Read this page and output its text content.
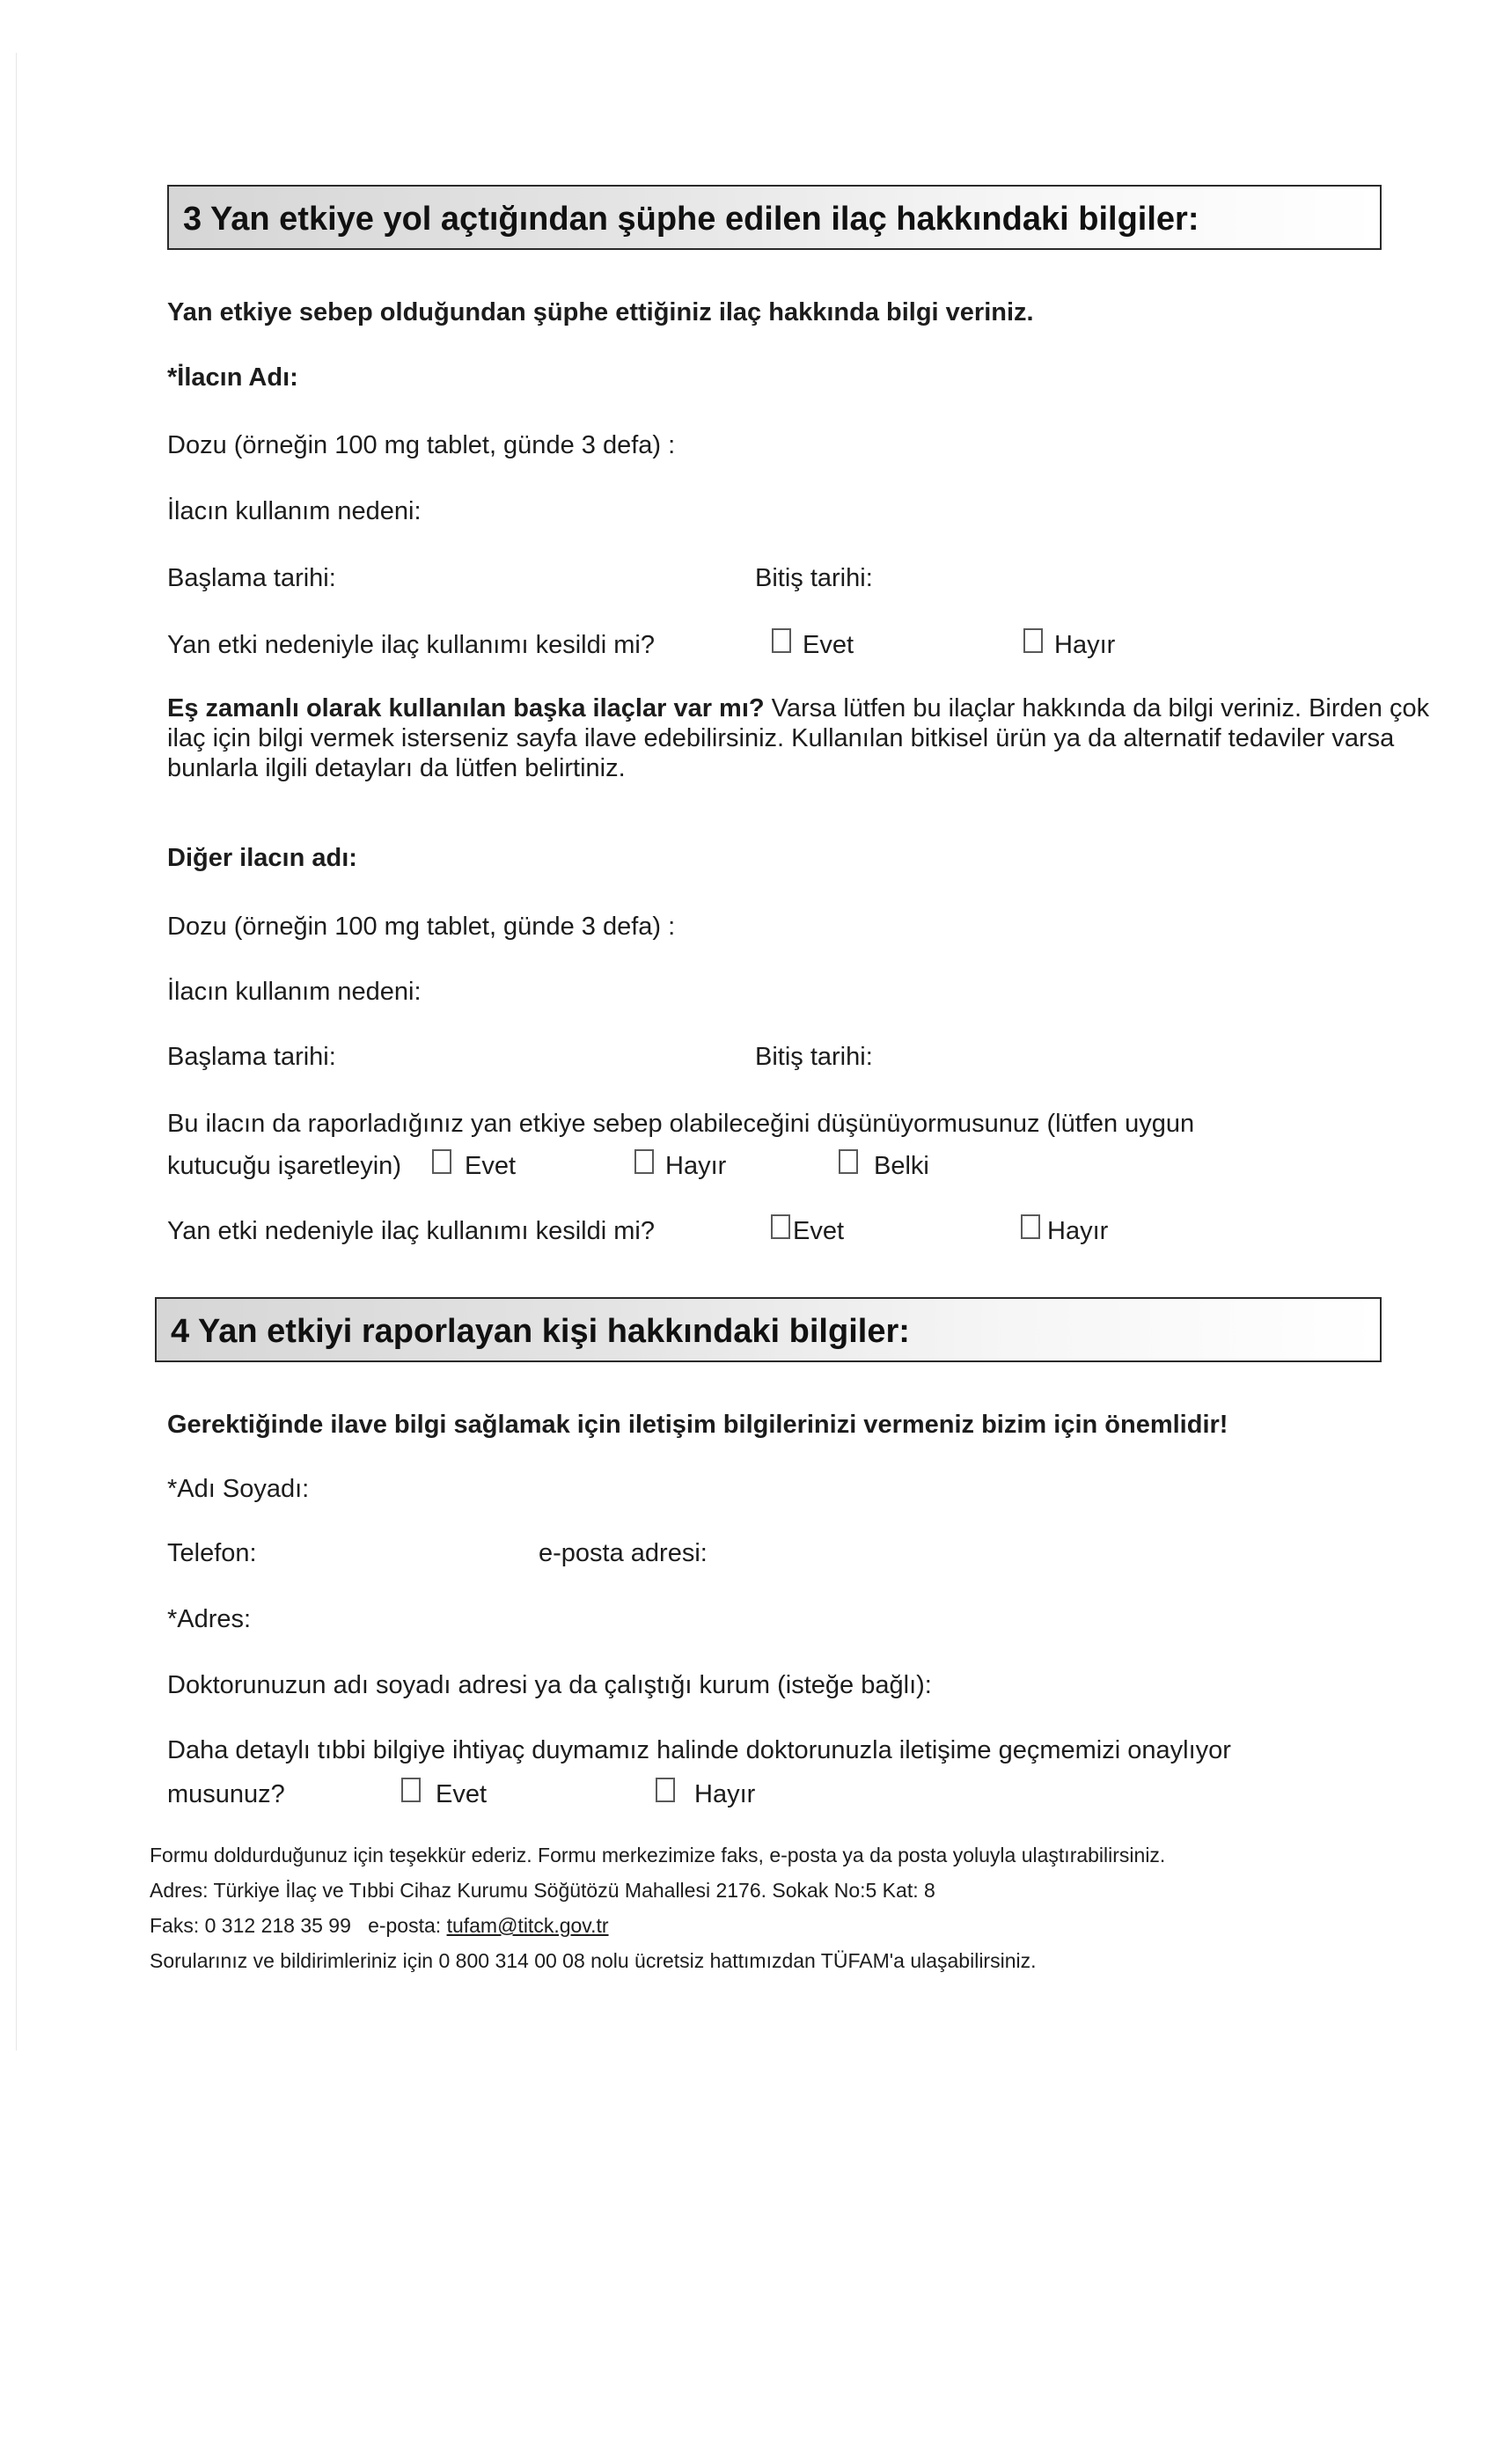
3 Yan etkiye yol açtığından şüphe edilen ilaç hakkındaki bilgiler:
Yan etkiye sebep olduğundan şüphe ettiğiniz ilaç hakkında bilgi veriniz.
*İlacın Adı:
Dozu (örneğin 100 mg tablet, günde 3 defa) :
İlacın kullanım nedeni:
Başlama tarihi:	Bitiş tarihi:
Yan etki nedeniyle ilaç kullanımı kesildi mi?	Evet	Hayır
Eş zamanlı olarak kullanılan başka ilaçlar var mı? Varsa lütfen bu ilaçlar hakkında da bilgi veriniz. Birden çok ilaç için bilgi vermek isterseniz sayfa ilave edebilirsiniz. Kullanılan bitkisel ürün ya da alternatif tedaviler varsa bunlarla ilgili detayları da lütfen belirtiniz.
Diğer ilacın adı:
Dozu (örneğin 100 mg tablet, günde 3 defa) :
İlacın kullanım nedeni:
Başlama tarihi:	Bitiş tarihi:
Bu ilacın da raporladığınız yan etkiye sebep olabileceğini düşünüyormusunuz (lütfen uygun
kutucuğu işaretleyin) Evet	Hayır	Belki
Yan etki nedeniyle ilaç kullanımı kesildi mi?	Evet	Hayır
4 Yan etkiyi raporlayan kişi hakkındaki bilgiler:
Gerektiğinde ilave bilgi sağlamak için iletişim bilgilerinizi vermeniz bizim için önemlidir!
*Adı Soyadı:
Telefon:	e-posta adresi:
*Adres:
Doktorunuzun adı soyadı adresi ya da çalıştığı kurum (isteğe bağlı):
Daha detaylı tıbbi bilgiye ihtiyaç duymamız halinde doktorunuzla iletişime geçmemizi onaylıyor
musunuz?	Evet	Hayır
Formu doldurduğunuz için teşekkür ederiz. Formu merkezimize faks, e-posta ya da posta yoluyla ulaştırabilirsiniz.
Adres: Türkiye İlaç ve Tıbbi Cihaz Kurumu Söğütözü Mahallesi 2176. Sokak No:5 Kat: 8
Faks: 0 312 218 35 99 e-posta: tufam@titck.gov.tr
Sorularınız ve bildirimleriniz için 0 800 314 00 08 nolu ücretsiz hattımızdan TÜFAM'a ulaşabilirsiniz.
